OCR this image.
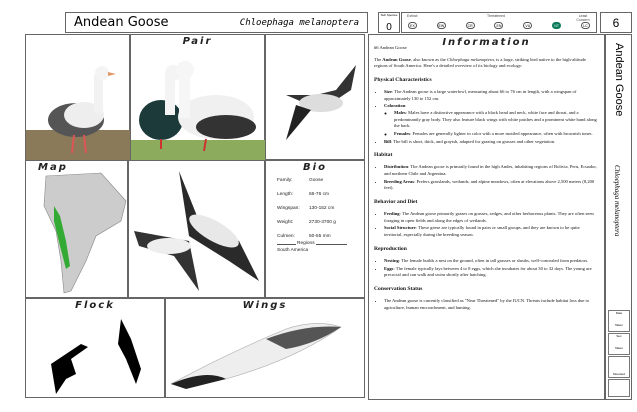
Andean Goose	Chloephaga melanoptera
Sub Species
0
Extinct	Threatened	Least Concern
EX	EW	CR	EN	VU	NT	LC	6
Pair
Map	Bio
Family:	Goose
Length:	66-76 cm
Wingspan: 130-152 cm
Weight:	2730-3700 g
Culmen:	50-55 mm
Regions
South America
Flock	Wings
Information
#6 Andean Goose

The Andean Goose, also known as the Chloephaga melanoptera, is a large, striking bird native to the high-altitude regions of South America. Here's a detailed overview of its biology and ecology:

Physical Characteristics
• Size: The Andean goose is a large waterfowl, measuring about 66 to 76 cm in length, with a wingspan of approximately 130 to 152 cm.
• Coloration:
◦ Males: Males have a distinctive appearance with a black head and neck, white face and throat, and a predominantly gray body. They also feature black wings with white patches and a prominent white band along the back.
◦ Females: Females are generally lighter in color with a more mottled appearance, often with brownish tones.
• Bill: The bill is short, thick, and grayish, adapted for grazing on grasses and other vegetation.
Habitat
• Distribution: The Andean goose is primarily found in the high Andes, inhabiting regions of Bolivia, Peru, Ecuador, and northern Chile and Argentina.
• Breeding Areas: Prefers grasslands, wetlands, and alpine meadows, often at elevations above 2,500 meters (8,200 feet).
Behavior and Diet
• Feeding: The Andean goose primarily grazes on grasses, sedges, and other herbaceous plants. They are often seen foraging in open fields and along the edges of wetlands.
• Social Structure: These geese are typically found in pairs or small groups, and they are known to be quite territorial, especially during the breeding season.
Reproduction
• Nesting: The female builds a nest on the ground, often in tall grasses or shrubs, well-concealed from predators.
• Eggs: The female typically lays between 4 to 8 eggs, which she incubates for about 30 to 32 days. The young are precocial and can walk and swim shortly after hatching.
Conservation Status
• The Andean goose is currently classified as "Near Threatened" by the IUCN. Threats include habitat loss due to agriculture, human encroachment, and hunting.
Andean Goose
Chloephaga melanoptera
Date
Taken
Sex
Taken
Mounted
